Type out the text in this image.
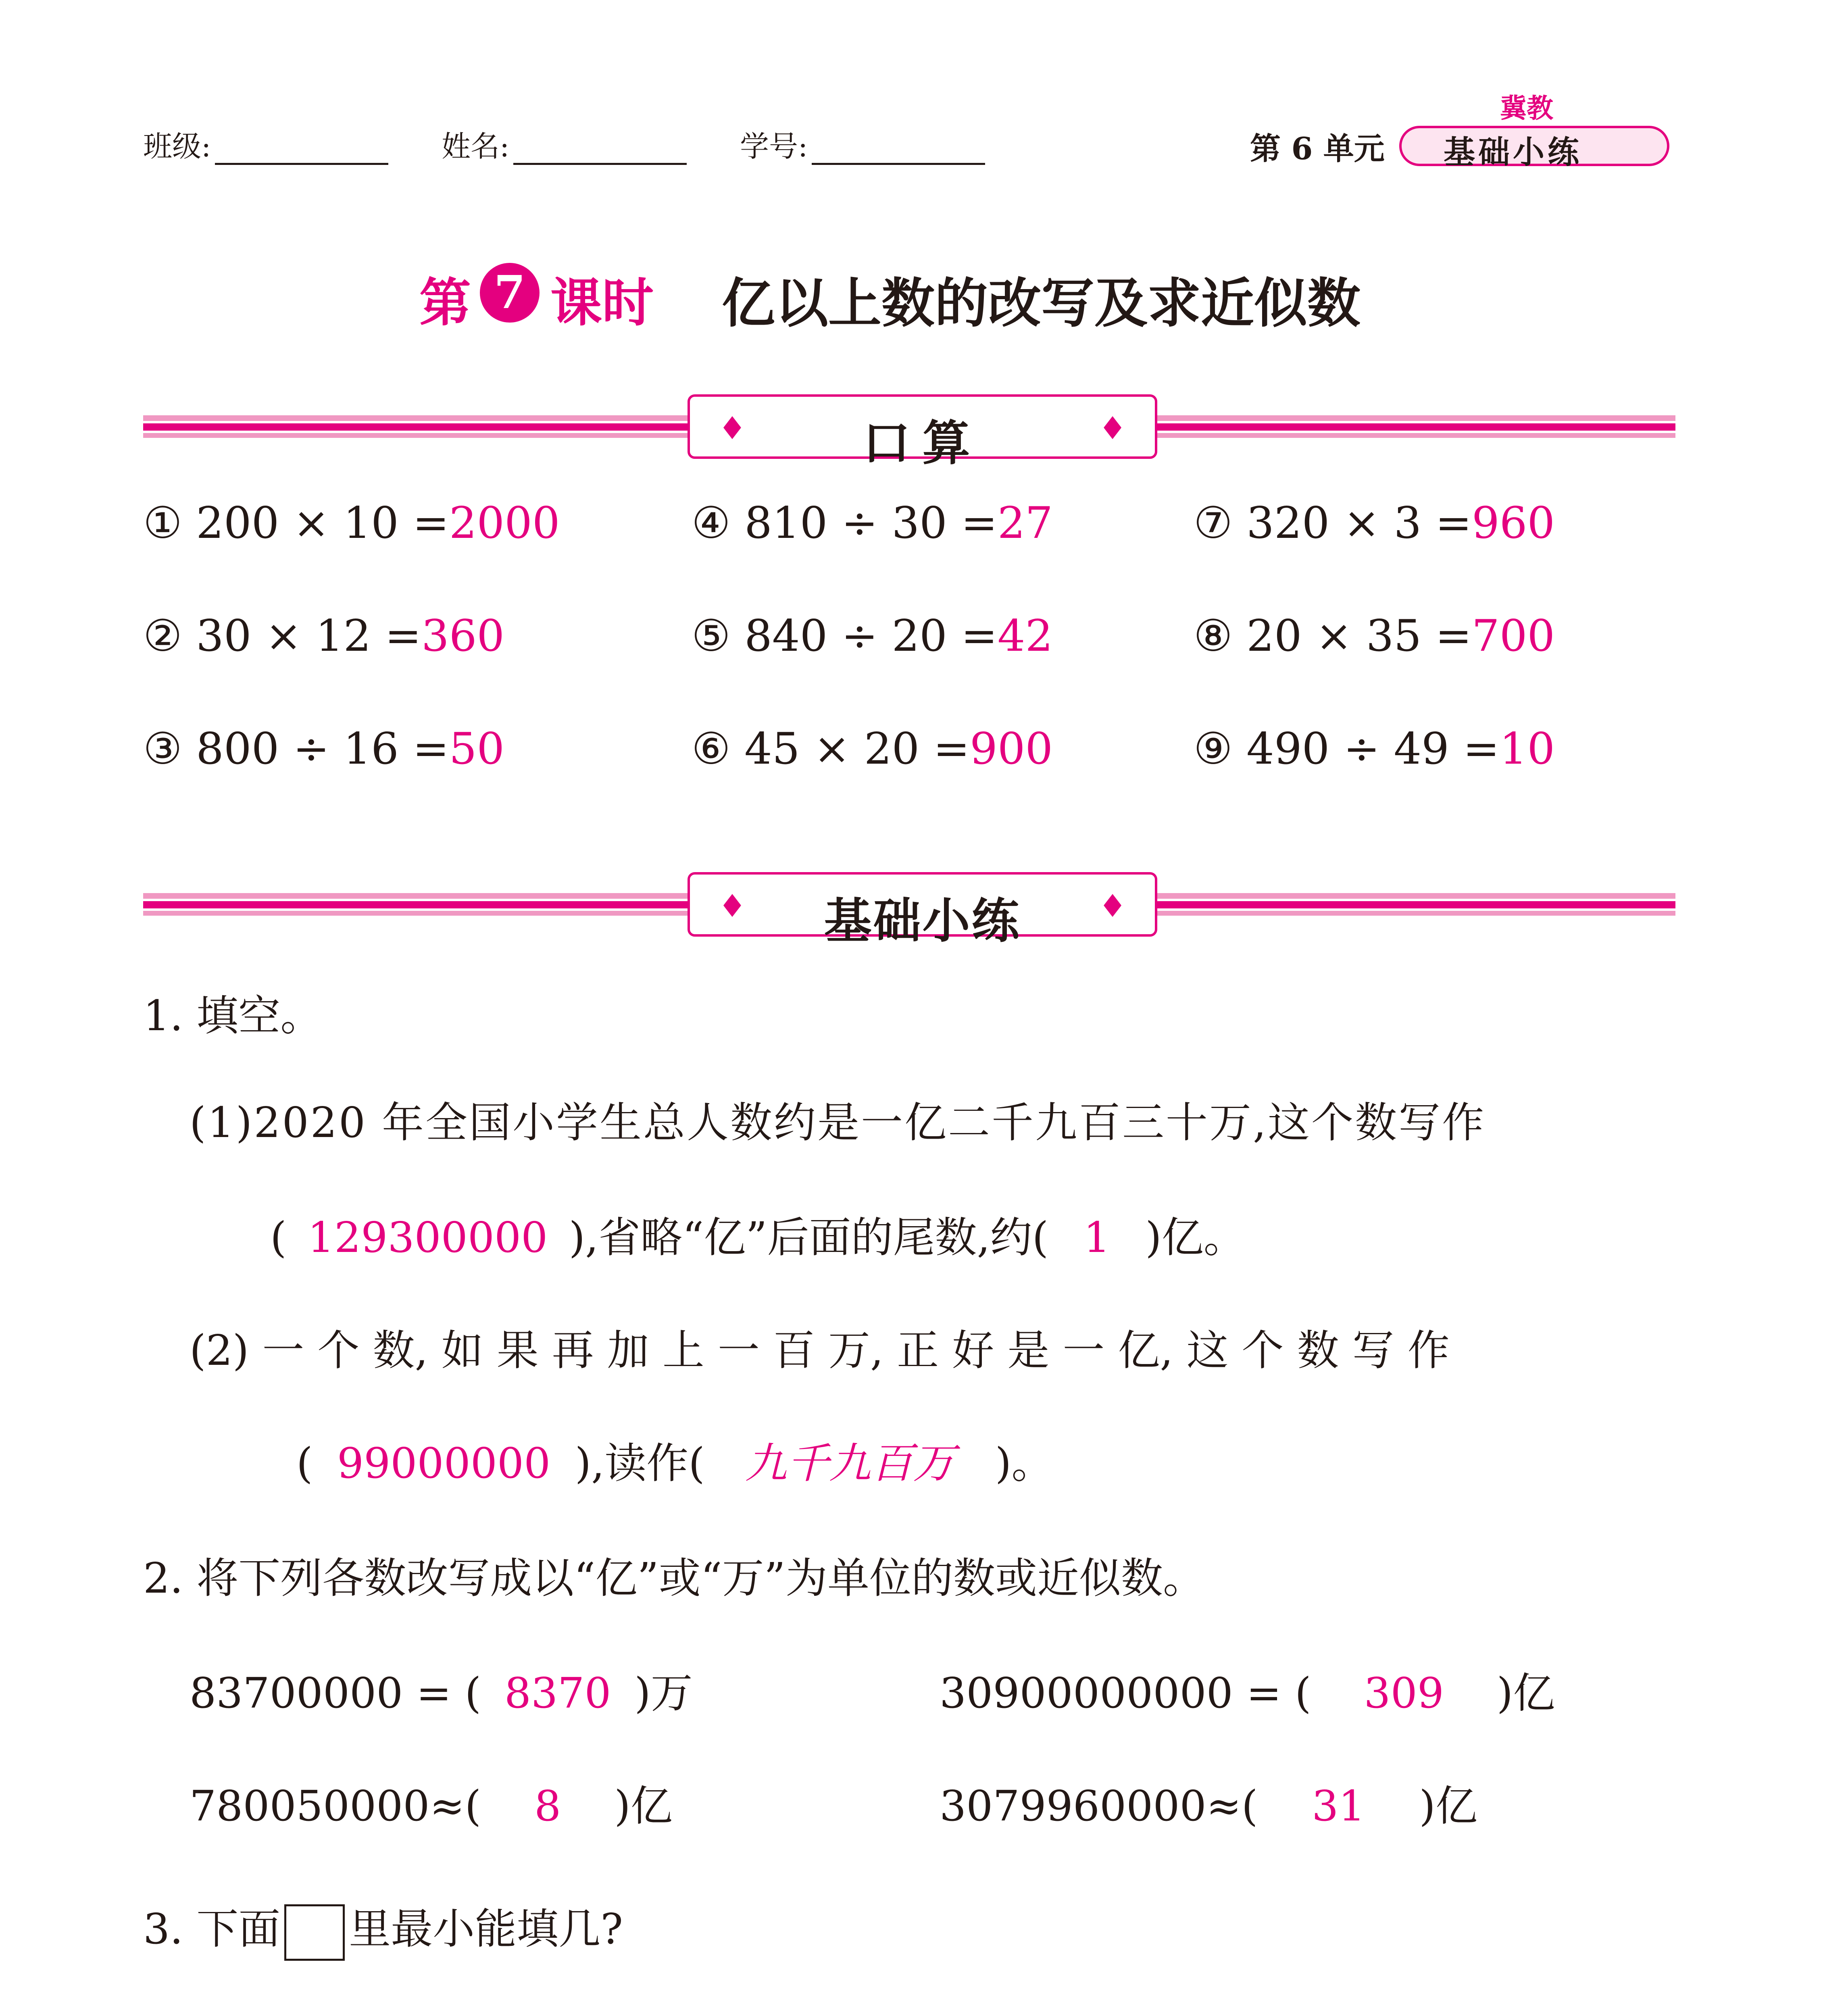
班级:	姓名:	学号:	第 6 单元
冀教
基础小练
第 7 课时 亿以上数的改写及求近似数
♦	口算	♦
① 200 × 10 =2000	④ 810 ÷ 30 =27	⑦ 320 × 3 =960
② 30 × 12 =360	⑤ 840 ÷ 20 =42	⑧ 20 × 35 =700
③ 800 ÷ 16 =50	⑥ 45 × 20 =900	⑨ 490 ÷ 49 =10
♦	基础小练	♦
1. 填空。
(1)2020 年全国小学生总人数约是一亿二千九百三十万,这个数写作
( 129300000 ),省略“亿”后面的尾数,约( 1 )亿。
(2) 一 个 数, 如 果 再 加 上 一 百 万, 正 好 是 一 亿, 这 个 数 写 作
( 99000000 ),读作( 九千九百万 )。
2. 将下列各数改写成以“亿”或“万”为单位的数或近似数。
83700000 = ( 8370 )万	30900000000 = ( 309 )亿
780050000≈( 8 )亿	3079960000≈( 31 )亿
3. 下面 里最小能填几?
